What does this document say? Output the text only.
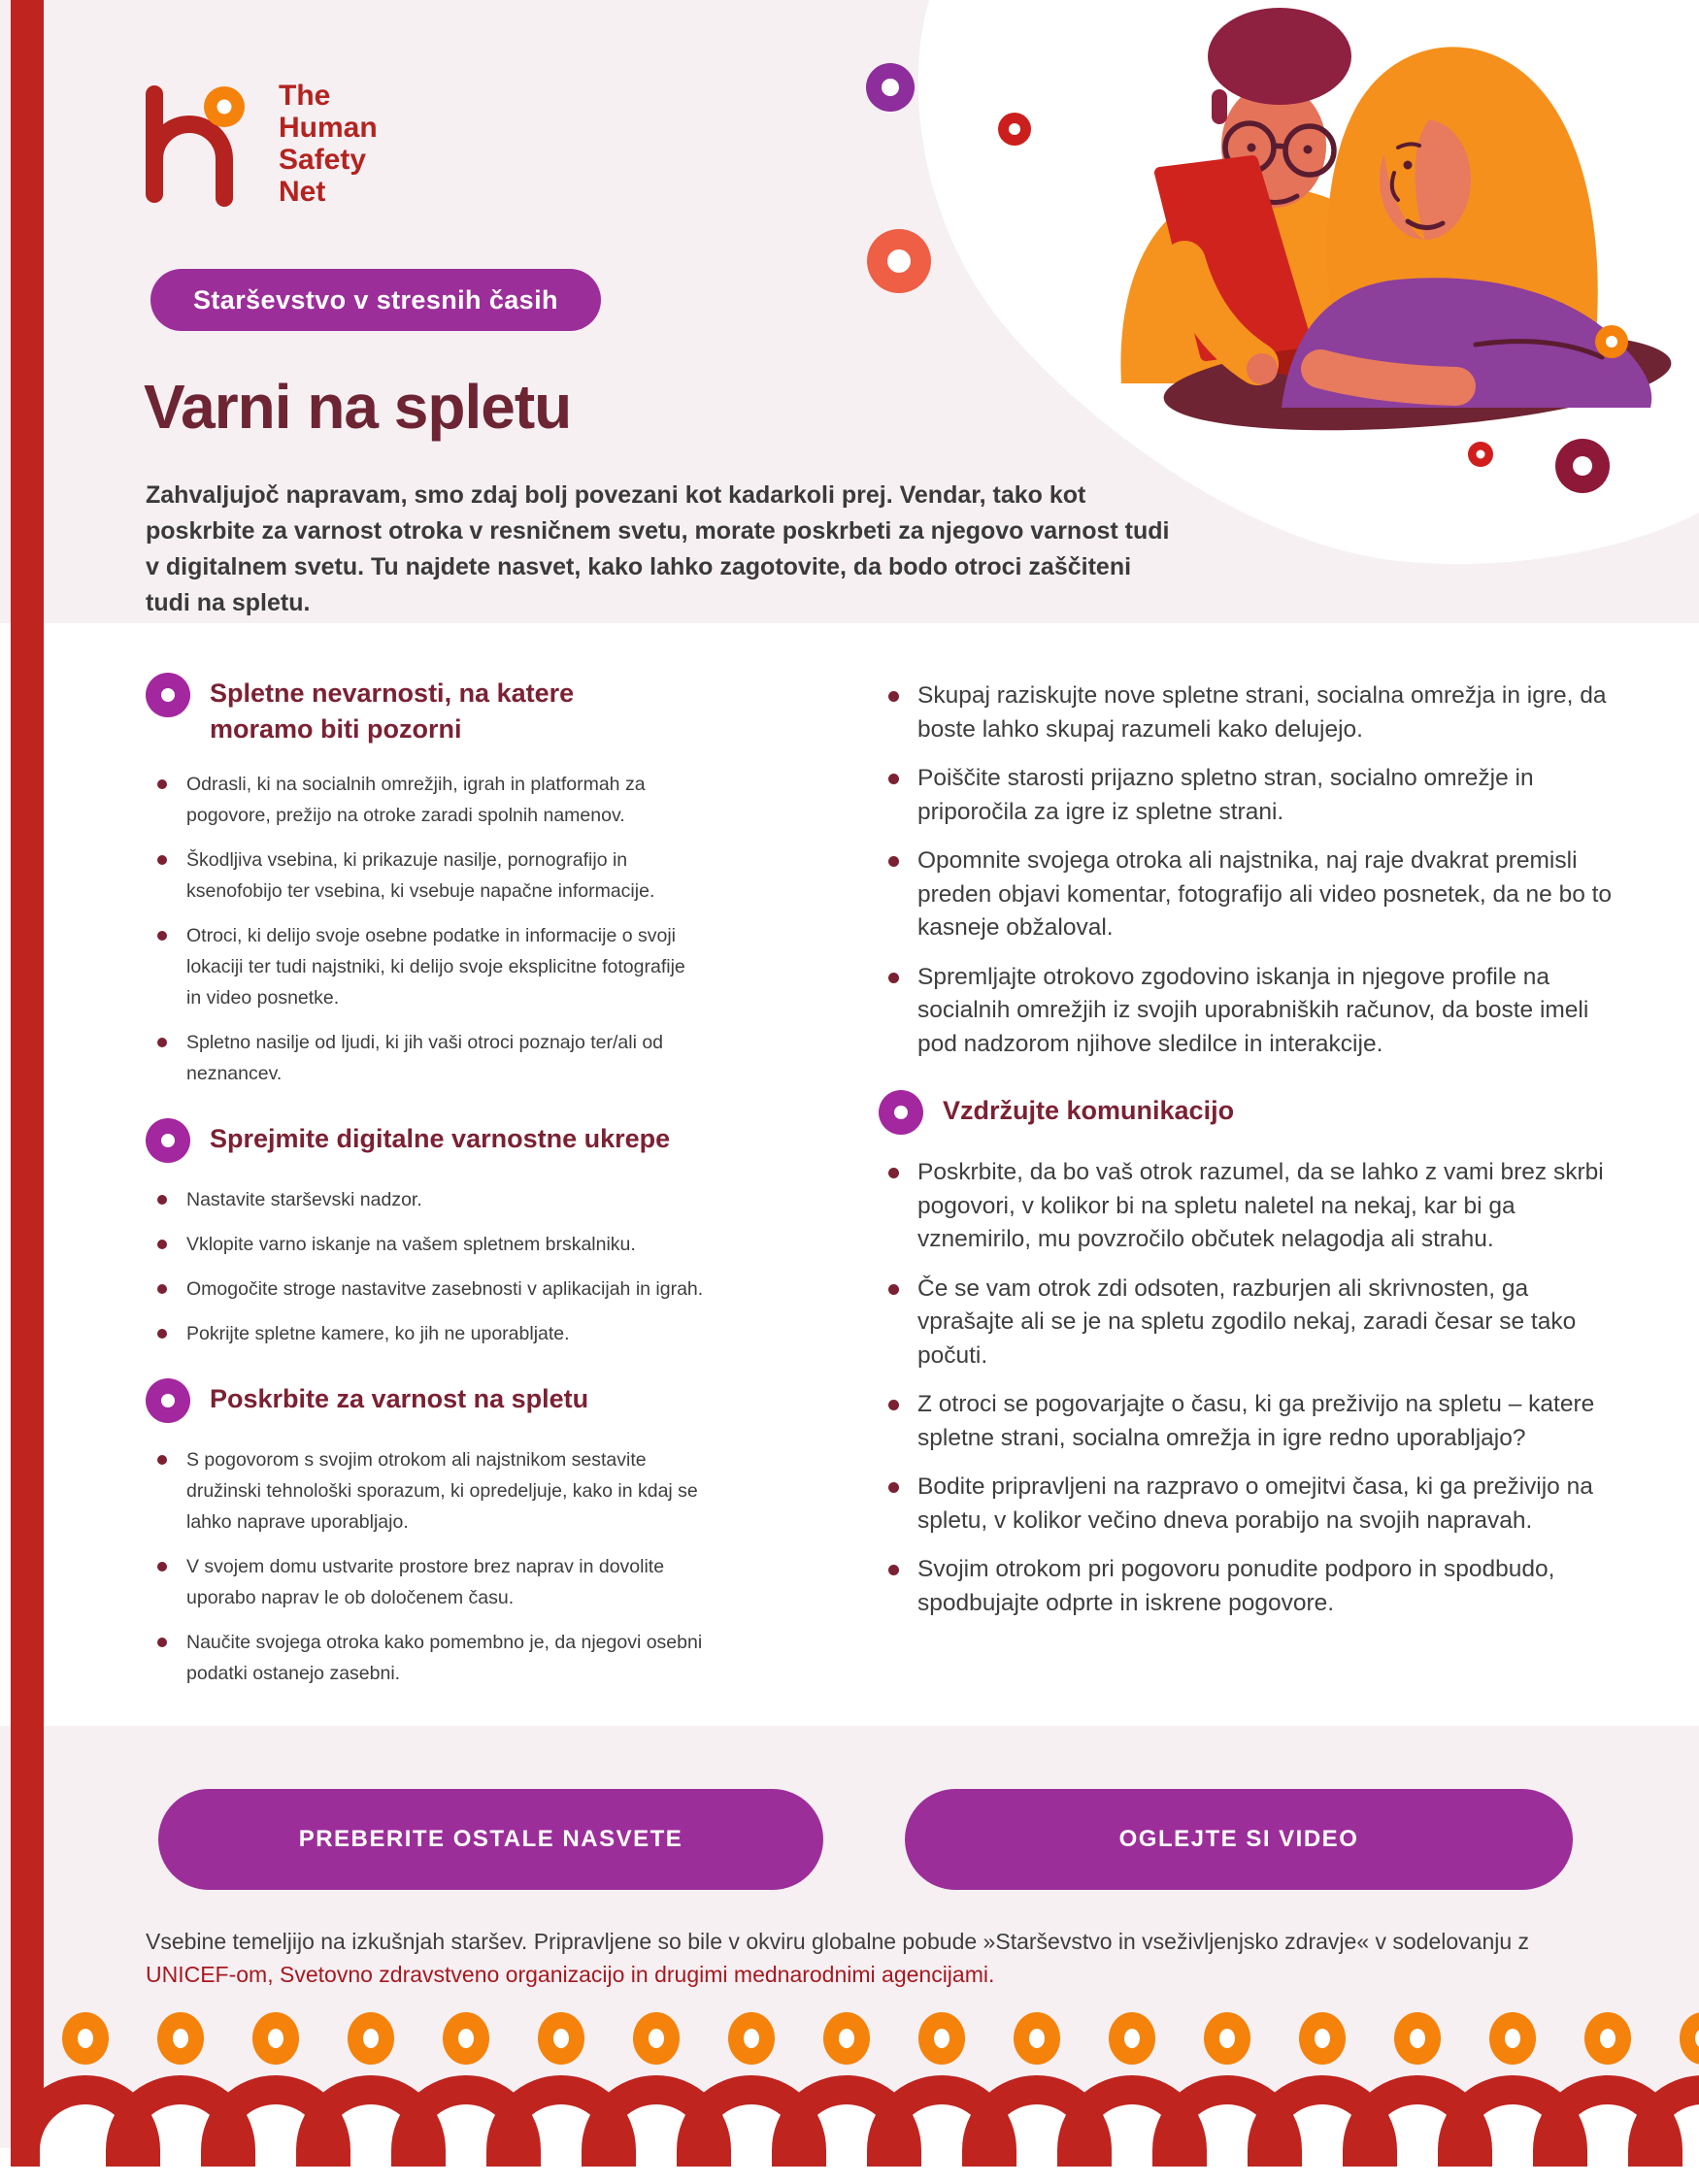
The
Human
Safety
Net
Starševstvo v stresnih časih
Varni na spletu
Zahvaljujoč napravam, smo zdaj bolj povezani kot kadarkoli prej. Vendar, tako kot poskrbite za varnost otroka v resničnem svetu, morate poskrbeti za njegovo varnost tudi v digitalnem svetu. Tu najdete nasvet, kako lahko zagotovite, da bodo otroci zaščiteni tudi na spletu.
Spletne nevarnosti, na katere
moramo biti pozorni
Odrasli, ki na socialnih omrežjih, igrah in platformah za pogovore, prežijo na otroke zaradi spolnih namenov.
Škodljiva vsebina, ki prikazuje nasilje, pornografijo in ksenofobijo ter vsebina, ki vsebuje napačne informacije.
Otroci, ki delijo svoje osebne podatke in informacije o svoji lokaciji ter tudi najstniki, ki delijo svoje eksplicitne fotografije in video posnetke.
Spletno nasilje od ljudi, ki jih vaši otroci poznajo ter/ali od neznancev.
Sprejmite digitalne varnostne ukrepe
Nastavite starševski nadzor.
Vklopite varno iskanje na vašem spletnem brskalniku.
Omogočite stroge nastavitve zasebnosti v aplikacijah in igrah.
Pokrijte spletne kamere, ko jih ne uporabljate.
Poskrbite za varnost na spletu
S pogovorom s svojim otrokom ali najstnikom sestavite družinski tehnološki sporazum, ki opredeljuje, kako in kdaj se lahko naprave uporabljajo.
V svojem domu ustvarite prostore brez naprav in dovolite uporabo naprav le ob določenem času.
Naučite svojega otroka kako pomembno je, da njegovi osebni podatki ostanejo zasebni.
Skupaj raziskujte nove spletne strani, socialna omrežja in igre, da boste lahko skupaj razumeli kako delujejo.
Poiščite starosti prijazno spletno stran, socialno omrežje in priporočila za igre iz spletne strani.
Opomnite svojega otroka ali najstnika, naj raje dvakrat premisli preden objavi komentar, fotografijo ali video posnetek, da ne bo to kasneje obžaloval.
Spremljajte otrokovo zgodovino iskanja in njegove profile na socialnih omrežjih iz svojih uporabniških računov, da boste imeli pod nadzorom njihove sledilce in interakcije.
Vzdržujte komunikacijo
Poskrbite, da bo vaš otrok razumel, da se lahko z vami brez skrbi pogovori, v kolikor bi na spletu naletel na nekaj, kar bi ga vznemirilo, mu povzročilo občutek nelagodja ali strahu.
Če se vam otrok zdi odsoten, razburjen ali skrivnosten, ga vprašajte ali se je na spletu zgodilo nekaj, zaradi česar se tako počuti.
Z otroci se pogovarjajte o času, ki ga preživijo na spletu – katere spletne strani, socialna omrežja in igre redno uporabljajo?
Bodite pripravljeni na razpravo o omejitvi časa, ki ga preživijo na spletu, v kolikor večino dneva porabijo na svojih napravah.
Svojim otrokom pri pogovoru ponudite podporo in spodbudo, spodbujajte odprte in iskrene pogovore.
PREBERITE OSTALE NASVETE	OGLEJTE SI VIDEO
Vsebine temeljijo na izkušnjah staršev. Pripravljene so bile v okviru globalne pobude »Starševstvo in vseživljenjsko zdravje« v sodelovanju z UNICEF-om, Svetovno zdravstveno organizacijo in drugimi mednarodnimi agencijami.
